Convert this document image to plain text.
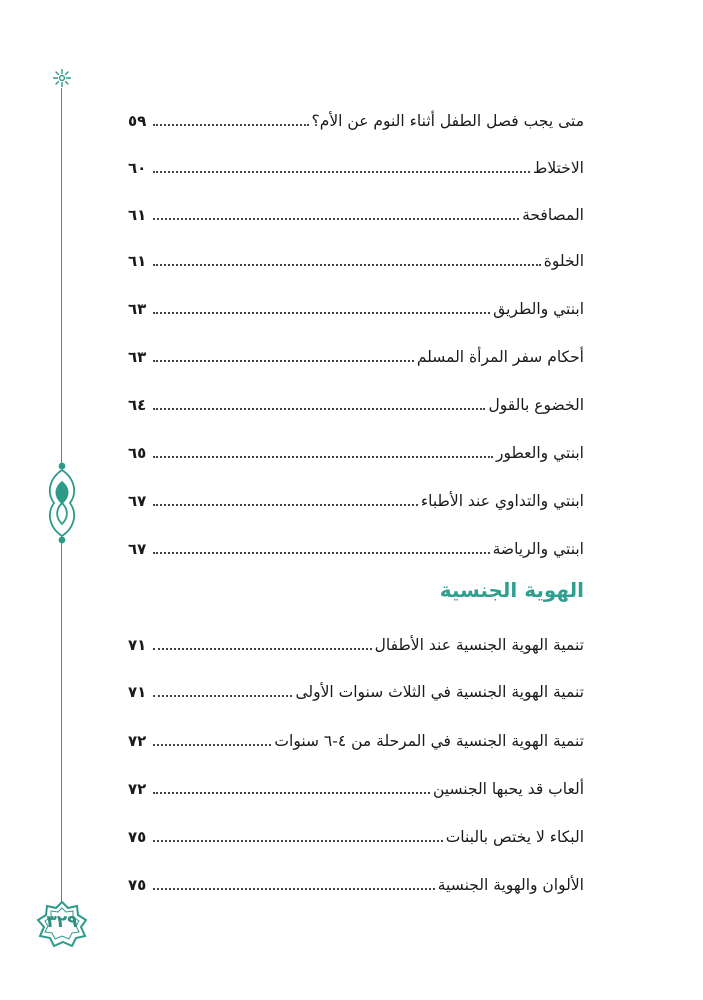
٣٢٩
متى يجب فصل الطفل أثناء النوم عن الأم؟
٥٩
الاختلاط
٦٠
المصافحة
٦١
الخلوة
٦١
ابنتي والطريق
٦٣
أحكام سفر المرأة المسلم
٦٣
الخضوع بالقول
٦٤
ابنتي والعطور
٦٥
ابنتي والتداوي عند الأطباء
٦٧
ابنتي والرياضة
٦٧
الهوية الجنسية
تنمية الهوية الجنسية عند الأطفال
٧١
تنمية الهوية الجنسية في الثلاث سنوات الأولى
٧١
تنمية الهوية الجنسية في المرحلة من ٤-٦ سنوات
٧٢
ألعاب قد يحبها الجنسين
٧٢
البكاء لا يختص بالبنات
٧٥
الألوان والهوية الجنسية
٧٥
